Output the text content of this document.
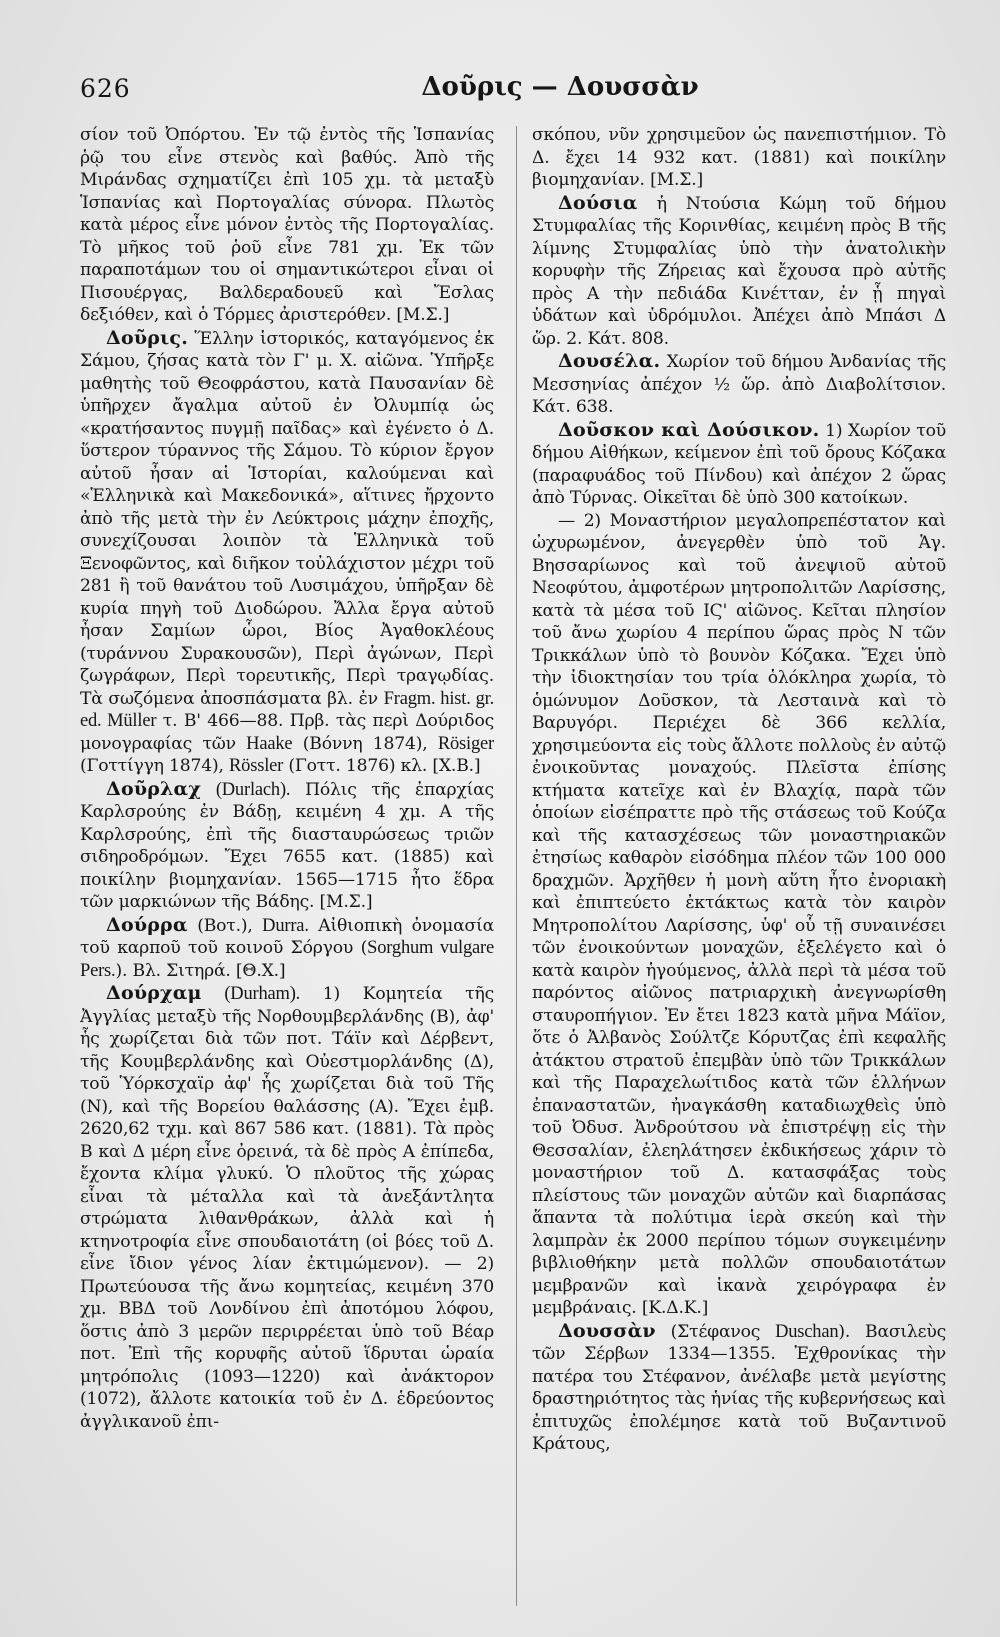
626	Δοῦρις — Δουσσὰν

σίον τοῦ Ὀπόρτου. Ἐν τῷ ἐντὸς τῆς Ἱσπανίας ῥῷ του εἶνε στενὸς καὶ βαθύς. Ἀπὸ τῆς Μιράνδας σχηματίζει ἐπὶ 105 χμ. τὰ μεταξὺ Ἱσπανίας καὶ Πορτογαλίας σύνορα. Πλωτὸς κατὰ μέρος εἶνε μόνον ἐντὸς τῆς Πορτογαλίας. Τὸ μῆκος τοῦ ῥοῦ εἶνε 781 χμ. Ἐκ τῶν παραποτάμων του οἱ σημαντικώτεροι εἶναι οἱ Πισουέργας, Βαλδεραδουεῦ καὶ Ἔσλας δεξιόθεν, καὶ ὁ Τόρμες ἀριστερόθεν. [Μ.Σ.]

Δοῦρις. Ἕλλην ἱστορικός, καταγόμενος ἐκ Σάμου, ζήσας κατὰ τὸν Γ' μ. Χ. αἰῶνα. Ὑπῆρξε μαθητὴς τοῦ Θεοφράστου, κατὰ Παυσανίαν δὲ ὑπῆρχεν ἄγαλμα αὐτοῦ ἐν Ὀλυμπίᾳ ὡς «κρατήσαντος πυγμῇ παῖδας» καὶ ἐγένετο ὁ Δ. ὕστερον τύραννος τῆς Σάμου. Τὸ κύριον ἔργον αὐτοῦ ἦσαν αἱ Ἱστορίαι, καλούμεναι καὶ «Ἑλληνικὰ καὶ Μακεδονικά», αἵτινες ἤρχοντο ἀπὸ τῆς μετὰ τὴν ἐν Λεύκτροις μάχην ἐποχῆς, συνεχίζουσαι λοιπὸν τὰ Ἑλληνικὰ τοῦ Ξενοφῶντος, καὶ διῆκον τοὐλάχιστον μέχρι τοῦ 281 ἢ τοῦ θανάτου τοῦ Λυσιμάχου, ὑπῆρξαν δὲ κυρία πηγὴ τοῦ Διοδώρου. Ἄλλα ἔργα αὐτοῦ ἦσαν Σαμίων ὧροι, Βίος Ἀγαθοκλέους (τυράννου Συρακουσῶν), Περὶ ἀγώνων, Περὶ ζωγράφων, Περὶ τορευτικῆς, Περὶ τραγῳδίας. Τὰ σωζόμενα ἀποσπάσματα βλ. ἐν Fragm. hist. gr. ed. Müller τ. Β' 466—88. Πρβ. τὰς περὶ Δούριδος μονογραφίας τῶν Haake (Βόννη 1874), Rösiger (Γοττίγγη 1874), Rössler (Γοττ. 1876) κλ. [Χ.Β.]

Δοῦρλαχ (Durlach). Πόλις τῆς ἐπαρχίας Καρλσρούης ἐν Βάδῃ, κειμένη 4 χμ. Α τῆς Καρλσρούης, ἐπὶ τῆς διασταυρώσεως τριῶν σιδηροδρόμων. Ἔχει 7655 κατ. (1885) καὶ ποικίλην βιομηχανίαν. 1565—1715 ἦτο ἕδρα τῶν μαρκιώνων τῆς Βάδης. [Μ.Σ.]

Δούρρα (Βοτ.), Durra. Αἰθιοπικὴ ὀνομασία τοῦ καρποῦ τοῦ κοινοῦ Σόργου (Sorghum vulgare Pers.). Βλ. Σιτηρά. [Θ.Χ.]

Δούρχαμ (Durham). 1) Κομητεία τῆς Ἀγγλίας μεταξὺ τῆς Νορθουμβερλάνδης (Β), ἀφ' ἧς χωρίζεται διὰ τῶν ποτ. Τάϊν καὶ Δέρβεντ, τῆς Κουμβερλάνδης καὶ Οὐεστμορλάνδης (Δ), τοῦ Ὑόρκσχαϊρ ἀφ' ἧς χωρίζεται διὰ τοῦ Τῆς (Ν), καὶ τῆς Βορείου θαλάσσης (Α). Ἔχει ἐμβ. 2620,62 τχμ. καὶ 867 586 κατ. (1881). Τὰ πρὸς Β καὶ Δ μέρη εἶνε ὀρεινά, τὰ δὲ πρὸς Α ἐπίπεδα, ἔχοντα κλίμα γλυκύ. Ὁ πλοῦτος τῆς χώρας εἶναι τὰ μέταλλα καὶ τὰ ἀνεξάντλητα στρώματα λιθανθράκων, ἀλλὰ καὶ ἡ κτηνοτροφία εἶνε σπουδαιοτάτη (οἱ βόες τοῦ Δ. εἶνε ἴδιον γένος λίαν ἐκτιμώμενον). — 2) Πρωτεύουσα τῆς ἄνω κομητείας, κειμένη 370 χμ. ΒΒΔ τοῦ Λονδίνου ἐπὶ ἀποτόμου λόφου, ὅστις ἀπὸ 3 μερῶν περιρρέεται ὑπὸ τοῦ Βέαρ ποτ. Ἐπὶ τῆς κορυφῆς αὐτοῦ ἵδρυται ὡραία μητρόπολις (1093—1220) καὶ ἀνάκτορον (1072), ἄλλοτε κατοικία τοῦ ἐν Δ. ἑδρεύοντος ἀγγλικανοῦ ἐπι-

σκόπου, νῦν χρησιμεῦον ὡς πανεπιστήμιον. Τὸ Δ. ἔχει 14 932 κατ. (1881) καὶ ποικίλην βιομηχανίαν. [Μ.Σ.]

Δούσια ἡ Ντούσια Κώμη τοῦ δήμου Στυμφαλίας τῆς Κορινθίας, κειμένη πρὸς Β τῆς λίμνης Στυμφαλίας ὑπὸ τὴν ἀνατολικὴν κορυφὴν τῆς Ζήρειας καὶ ἔχουσα πρὸ αὐτῆς πρὸς Α τὴν πεδιάδα Κινέτταν, ἐν ᾗ πηγαὶ ὑδάτων καὶ ὑδρόμυλοι. Ἀπέχει ἀπὸ Μπάσι Δ ὥρ. 2. Κάτ. 808.

Δουσέλα. Χωρίον τοῦ δήμου Ἀνδανίας τῆς Μεσσηνίας ἀπέχον ½ ὥρ. ἀπὸ Διαβολίτσιον. Κάτ. 638.

Δοῦσκον καὶ Δούσικον. 1) Χωρίον τοῦ δήμου Αἰθήκων, κείμενον ἐπὶ τοῦ ὄρους Κόζακα (παραφυάδος τοῦ Πίνδου) καὶ ἀπέχον 2 ὥρας ἀπὸ Τύρνας. Οἰκεῖται δὲ ὑπὸ 300 κατοίκων.

— 2) Μοναστήριον μεγαλοπρεπέστατον καὶ ὠχυρωμένον, ἀνεγερθὲν ὑπὸ τοῦ Ἁγ. Βησσαρίωνος καὶ τοῦ ἀνεψιοῦ αὐτοῦ Νεοφύτου, ἀμφοτέρων μητροπολιτῶν Λαρίσσης, κατὰ τὰ μέσα τοῦ ΙϚ' αἰῶνος. Κεῖται πλησίον τοῦ ἄνω χωρίου 4 περίπου ὥρας πρὸς Ν τῶν Τρικκάλων ὑπὸ τὸ βουνὸν Κόζακα. Ἔχει ὑπὸ τὴν ἰδιοκτησίαν του τρία ὁλόκληρα χωρία, τὸ ὁμώνυμον Δοῦσκον, τὰ Λεσταινὰ καὶ τὸ Βαρυγόρι. Περιέχει δὲ 366 κελλία, χρησιμεύοντα εἰς τοὺς ἄλλοτε πολλοὺς ἐν αὐτῷ ἐνοικοῦντας μοναχούς. Πλεῖστα ἐπίσης κτήματα κατεῖχε καὶ ἐν Βλαχίᾳ, παρὰ τῶν ὁποίων εἰσέπραττε πρὸ τῆς στάσεως τοῦ Κούζα καὶ τῆς κατασχέσεως τῶν μοναστηριακῶν ἐτησίως καθαρὸν εἰσόδημα πλέον τῶν 100 000 δραχμῶν. Ἀρχῆθεν ἡ μονὴ αὕτη ἦτο ἐνοριακὴ καὶ ἐπιπτεύετο ἐκτάκτως κατὰ τὸν καιρὸν Μητροπολίτου Λαρίσσης, ὑφ' οὗ τῇ συναινέσει τῶν ἐνοικούντων μοναχῶν, ἐξελέγετο καὶ ὁ κατὰ καιρὸν ἡγούμενος, ἀλλὰ περὶ τὰ μέσα τοῦ παρόντος αἰῶνος πατριαρχικὴ ἀνεγνωρίσθη σταυροπήγιον. Ἐν ἔτει 1823 κατὰ μῆνα Μάϊον, ὅτε ὁ Ἀλβανὸς Σούλτζε Κόρυτζας ἐπὶ κεφαλῆς ἀτάκτου στρατοῦ ἐπεμβὰν ὑπὸ τῶν Τρικκάλων καὶ τῆς Παραχελωίτιδος κατὰ τῶν ἑλλήνων ἐπαναστατῶν, ἠναγκάσθη καταδιωχθεὶς ὑπὸ τοῦ Ὀδυσ. Ἀνδρούτσου νὰ ἐπιστρέψῃ εἰς τὴν Θεσσαλίαν, ἐλεηλάτησεν ἐκδικήσεως χάριν τὸ μοναστήριον τοῦ Δ. κατασφάξας τοὺς πλείστους τῶν μοναχῶν αὐτῶν καὶ διαρπάσας ἅπαντα τὰ πολύτιμα ἱερὰ σκεύη καὶ τὴν λαμπρὰν ἐκ 2000 περίπου τόμων συγκειμένην βιβλιοθήκην μετὰ πολλῶν σπουδαιοτάτων μεμβρανῶν καὶ ἱκανὰ χειρόγραφα ἐν μεμβράναις. [Κ.Δ.Κ.]

Δουσσὰν (Στέφανος Duschan). Βασιλεὺς τῶν Σέρβων 1334—1355. Ἐχθρονίκας τὴν πατέρα του Στέφανον, ἀνέλαβε μετὰ μεγίστης δραστηριότητος τὰς ἡνίας τῆς κυβερνήσεως καὶ ἐπιτυχῶς ἐπολέμησε κατὰ τοῦ Βυζαντινοῦ Κράτους,
